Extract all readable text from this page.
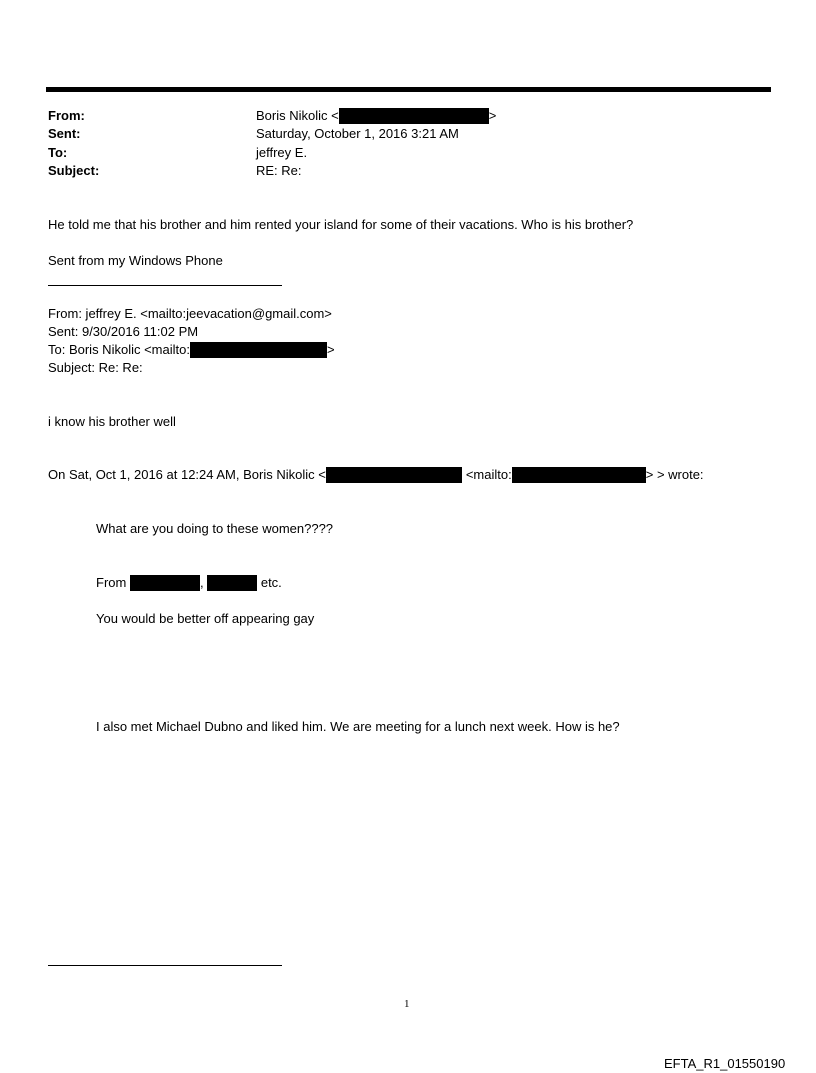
From:	Boris Nikolic <	>
Sent:	Saturday, October 1, 2016 3:21 AM
To:	jeffrey E.
Subject:	RE: Re:
He told me that his brother and him rented your island for some of their vacations. Who is his brother?
Sent from my Windows Phone
From: jeffrey E. <mailto:jeevacation@gmail.com>
Sent: 9/30/2016 11:02 PM
To: Boris Nikolic <mailto:	>
Subject: Re: Re:
i know his brother well
On Sat, Oct 1, 2016 at 12:24 AM, Boris Nikolic <	<mailto:	> > wrote:
What are you doing to these women????
From	,	etc.
You would be better off appearing gay
I also met Michael Dubno and liked him. We are meeting for a lunch next week. How is he?
1
EFTA_R1_01550190
